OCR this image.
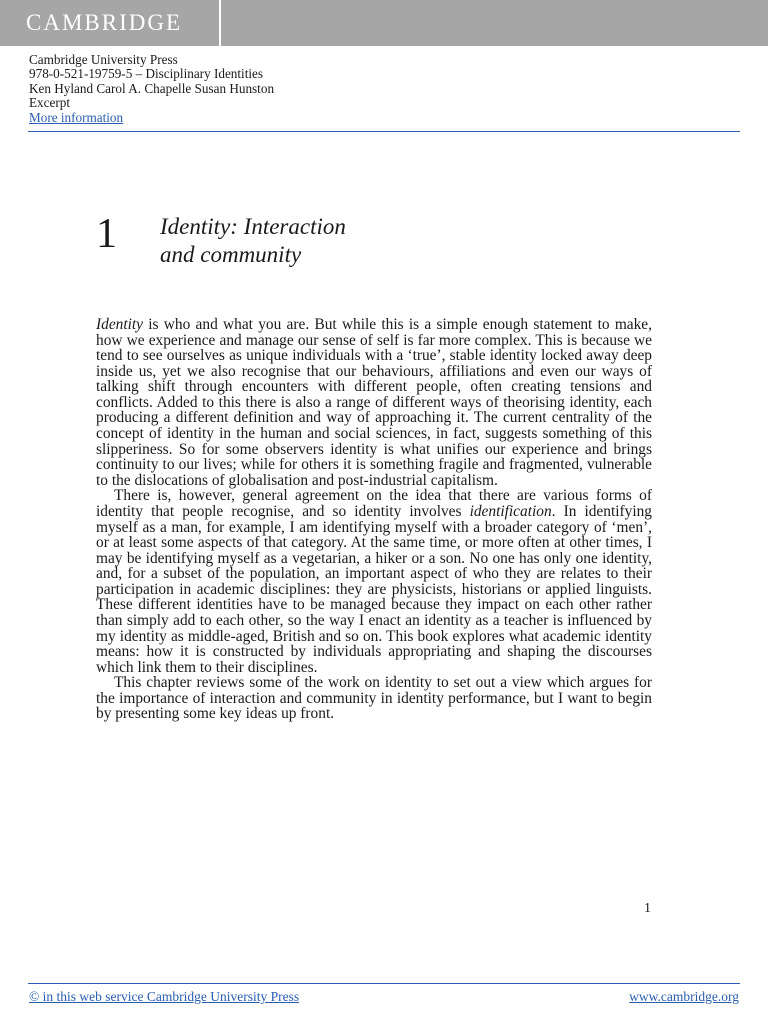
CAMBRIDGE
Cambridge University Press
978-0-521-19759-5 – Disciplinary Identities
Ken Hyland Carol A. Chapelle Susan Hunston
Excerpt
More information
1 Identity: Interaction
and community

Identity is who and what you are. But while this is a simple enough statement to make, how we experience and manage our sense of self is far more complex. This is because we tend to see ourselves as unique individuals with a ‘true’, stable identity locked away deep inside us, yet we also recognise that our behaviours, affiliations and even our ways of talking shift through encounters with different people, often creating tensions and conflicts. Added to this there is also a range of different ways of theorising identity, each producing a different definition and way of approaching it. The current centrality of the concept of identity in the human and social sciences, in fact, suggests something of this slipperiness. So for some observers identity is what unifies our experience and brings continuity to our lives; while for others it is something fragile and fragmented, vulnerable to the dislocations of globalisation and post-industrial capitalism.

There is, however, general agreement on the idea that there are various forms of identity that people recognise, and so identity involves identification. In identifying myself as a man, for example, I am identifying myself with a broader category of ‘men’, or at least some aspects of that category. At the same time, or more often at other times, I may be identifying myself as a vegetarian, a hiker or a son. No one has only one identity, and, for a subset of the population, an important aspect of who they are relates to their participation in academic disciplines: they are physicists, historians or applied linguists. These different identities have to be managed because they impact on each other rather than simply add to each other, so the way I enact an identity as a teacher is influenced by my identity as middle-aged, British and so on. This book explores what academic identity means: how it is constructed by individuals appropriating and shaping the discourses which link them to their disciplines.

This chapter reviews some of the work on identity to set out a view which argues for the importance of interaction and community in identity performance, but I want to begin by presenting some key ideas up front.

1
© in this web service Cambridge University Press	www.cambridge.org
